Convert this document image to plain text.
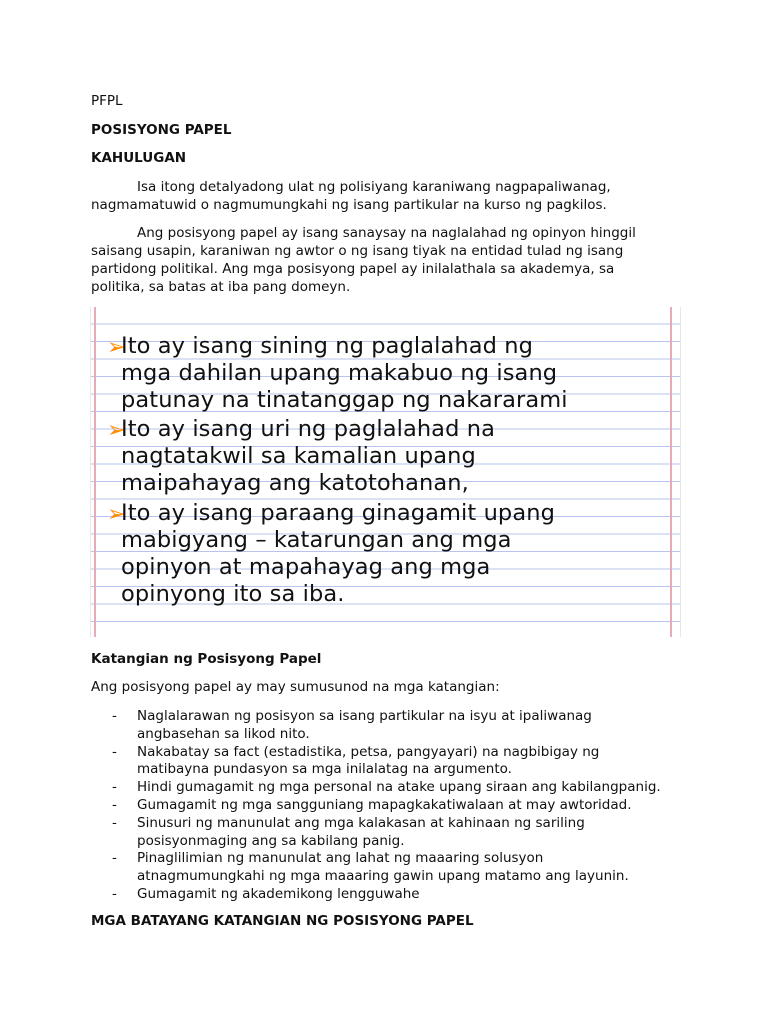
PFPL

POSISYONG PAPEL

KAHULUGAN

Isa itong detalyadong ulat ng polisiyang karaniwang nagpapaliwanag,
nagmamatuwid o nagmumungkahi ng isang partikular na kurso ng pagkilos.
Ang posisyong papel ay isang sanaysay na naglalahad ng opinyon hinggil
saisang usapin, karaniwan ng awtor o ng isang tiyak na entidad tulad ng isang
partidong politikal. Ang mga posisyong papel ay inilalathala sa akademya, sa
politika, sa batas at iba pang domeyn.
➢

Ito ay isang sining ng paglalahad ng

mga dahilan upang makabuo ng isang

patunay na tinatanggap ng nakararami

➢

Ito ay isang uri ng paglalahad na

nagtatakwil sa kamalian upang

maipahayag ang katotohanan,

➢

Ito ay isang paraang ginagamit upang

mabigyang – katarungan ang mga

opinyon at mapahayag ang mga

opinyong ito sa iba.

Katangian ng Posisyong Papel

Ang posisyong papel ay may sumusunod na mga katangian:

- Naglalarawan ng posisyon sa isang partikular na isyu at ipaliwanag
angbasehan sa likod nito.
- Nakabatay sa fact (estadistika, petsa, pangyayari) na nagbibigay ng
matibayna pundasyon sa mga inilalatag na argumento.
- Hindi gumagamit ng mga personal na atake upang siraan ang kabilangpanig.
- Gumagamit ng mga sangguniang mapagkakatiwalaan at may awtoridad.
- Sinusuri ng manunulat ang mga kalakasan at kahinaan ng sariling
posisyonmaging ang sa kabilang panig.
- Pinaglilimian ng manunulat ang lahat ng maaaring solusyon
atnagmumungkahi ng mga maaaring gawin upang matamo ang layunin.
- Gumagamit ng akademikong lengguwahe

MGA BATAYANG KATANGIAN NG POSISYONG PAPEL
